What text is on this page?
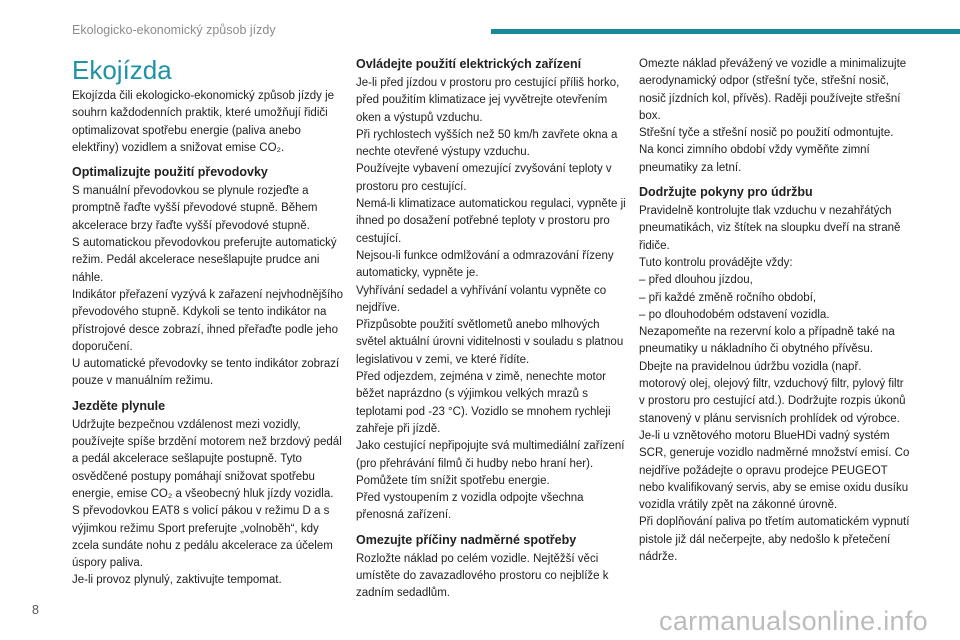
Ekologicko-ekonomický způsob jízdy
Ekojízda

Ekojízda čili ekologicko-ekonomický způsob jízdy je souhrn každodenních praktik, které umožňují řidiči optimalizovat spotřebu energie (paliva anebo elektřiny) vozidlem a snižovat emise CO₂.

Optimalizujte použití převodovky

S manuální převodovkou se plynule rozjeďte a promptně řaďte vyšší převodové stupně. Během akcelerace brzy řaďte vyšší převodové stupně.
S automatickou převodovkou preferujte automatický režim. Pedál akcelerace nesešlapujte prudce ani náhle.
Indikátor přeřazení vyzývá k zařazení nejvhodnějšího převodového stupně. Kdykoli se tento indikátor na přístrojové desce zobrazí, ihned přeřaďte podle jeho doporučení.
U automatické převodovky se tento indikátor zobrazí pouze v manuálním režimu.

Jezděte plynule

Udržujte bezpečnou vzdálenost mezi vozidly, používejte spíše brzdění motorem než brzdový pedál a pedál akcelerace sešlapujte postupně. Tyto osvědčené postupy pomáhají snižovat spotřebu energie, emise CO₂ a všeobecný hluk jízdy vozidla.
S převodovkou EAT8 s volicí pákou v režimu D a s výjimkou režimu Sport preferujte „volnoběh“, kdy zcela sundáte nohu z pedálu akcelerace za účelem úspory paliva.
Je-li provoz plynulý, zaktivujte tempomat.

Ovládejte použití elektrických zařízení

Je-li před jízdou v prostoru pro cestující příliš horko, před použitím klimatizace jej vyvětrejte otevřením oken a výstupů vzduchu.
Při rychlostech vyšších než 50 km/h zavřete okna a nechte otevřené výstupy vzduchu.
Používejte vybavení omezující zvyšování teploty v prostoru pro cestující.
Nemá-li klimatizace automatickou regulaci, vypněte ji ihned po dosažení potřebné teploty v prostoru pro cestující.
Nejsou-li funkce odmlžování a odmrazování řízeny automaticky, vypněte je.
Vyhřívání sedadel a vyhřívání volantu vypněte co nejdříve.
Přizpůsobte použití světlometů anebo mlhových světel aktuální úrovni viditelnosti v souladu s platnou legislativou v zemi, ve které řídíte.
Před odjezdem, zejména v zimě, nenechte motor běžet naprázdno (s výjimkou velkých mrazů s teplotami pod -23 °C). Vozidlo se mnohem rychleji zahřeje při jízdě.
Jako cestující nepřipojujte svá multimediální zařízení (pro přehrávání filmů či hudby nebo hraní her). Pomůžete tím snížit spotřebu energie.
Před vystoupením z vozidla odpojte všechna přenosná zařízení.

Omezujte příčiny nadměrné spotřeby

Rozložte náklad po celém vozidle. Nejtěžší věci umístěte do zavazadlového prostoru co nejblíže k zadním sedadlům.

Omezte náklad převážený ve vozidle a minimalizujte aerodynamický odpor (střešní tyče, střešní nosič, nosič jízdních kol, přívěs). Raději používejte střešní box.
Střešní tyče a střešní nosič po použití odmontujte.
Na konci zimního období vždy vyměňte zimní pneumatiky za letní.

Dodržujte pokyny pro údržbu

Pravidelně kontrolujte tlak vzduchu v nezahřátých pneumatikách, viz štítek na sloupku dveří na straně řidiče.
Tuto kontrolu provádějte vždy:
– před dlouhou jízdou,
– při každé změně ročního období,
– po dlouhodobém odstavení vozidla.
Nezapomeňte na rezervní kolo a případně také na pneumatiky u nákladního či obytného přívěsu.
Dbejte na pravidelnou údržbu vozidla (např. motorový olej, olejový filtr, vzduchový filtr, pylový filtr v prostoru pro cestující atd.). Dodržujte rozpis úkonů stanovený v plánu servisních prohlídek od výrobce.
Je-li u vznětového motoru BlueHDi vadný systém SCR, generuje vozidlo nadměrné množství emisí. Co nejdříve požádejte o opravu prodejce PEUGEOT nebo kvalifikovaný servis, aby se emise oxidu dusíku vozidla vrátily zpět na zákonné úrovně.
Při doplňování paliva po třetím automatickém vypnutí pistole již dál nečerpejte, aby nedošlo k přetečení nádrže.

8	carmanualsonline.info
